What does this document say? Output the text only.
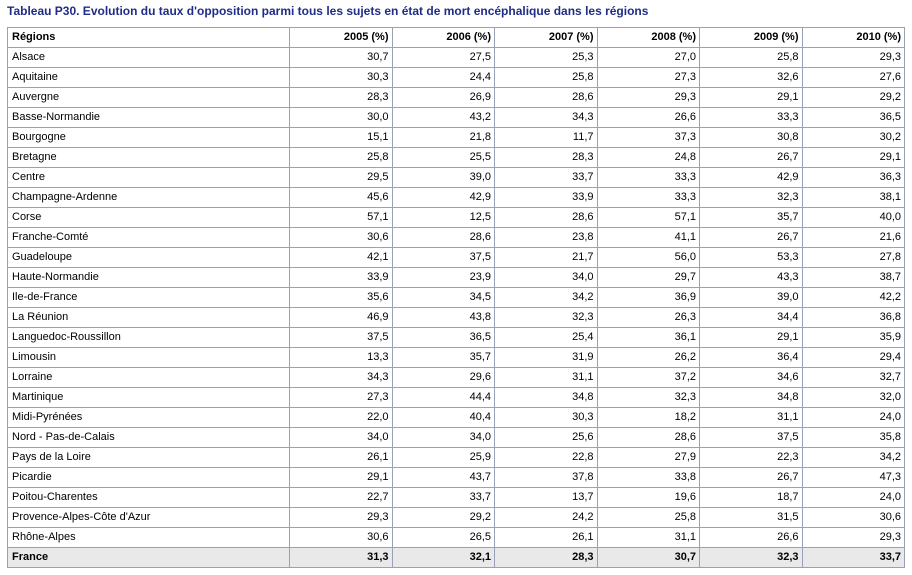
Tableau P30. Evolution du taux d'opposition parmi tous les sujets en état de mort encéphalique dans les régions
Régions	2005 (%)	2006 (%)	2007 (%)	2008 (%)	2009 (%)	2010 (%)
Alsace	30,7	27,5	25,3	27,0	25,8	29,3
Aquitaine	30,3	24,4	25,8	27,3	32,6	27,6
Auvergne	28,3	26,9	28,6	29,3	29,1	29,2
Basse-Normandie	30,0	43,2	34,3	26,6	33,3	36,5
Bourgogne	15,1	21,8	11,7	37,3	30,8	30,2
Bretagne	25,8	25,5	28,3	24,8	26,7	29,1
Centre	29,5	39,0	33,7	33,3	42,9	36,3
Champagne-Ardenne	45,6	42,9	33,9	33,3	32,3	38,1
Corse	57,1	12,5	28,6	57,1	35,7	40,0
Franche-Comté	30,6	28,6	23,8	41,1	26,7	21,6
Guadeloupe	42,1	37,5	21,7	56,0	53,3	27,8
Haute-Normandie	33,9	23,9	34,0	29,7	43,3	38,7
Ile-de-France	35,6	34,5	34,2	36,9	39,0	42,2
La Réunion	46,9	43,8	32,3	26,3	34,4	36,8
Languedoc-Roussillon	37,5	36,5	25,4	36,1	29,1	35,9
Limousin	13,3	35,7	31,9	26,2	36,4	29,4
Lorraine	34,3	29,6	31,1	37,2	34,6	32,7
Martinique	27,3	44,4	34,8	32,3	34,8	32,0
Midi-Pyrénées	22,0	40,4	30,3	18,2	31,1	24,0
Nord - Pas-de-Calais	34,0	34,0	25,6	28,6	37,5	35,8
Pays de la Loire	26,1	25,9	22,8	27,9	22,3	34,2
Picardie	29,1	43,7	37,8	33,8	26,7	47,3
Poitou-Charentes	22,7	33,7	13,7	19,6	18,7	24,0
Provence-Alpes-Côte d'Azur	29,3	29,2	24,2	25,8	31,5	30,6
Rhône-Alpes	30,6	26,5	26,1	31,1	26,6	29,3
France	31,3	32,1	28,3	30,7	32,3	33,7
